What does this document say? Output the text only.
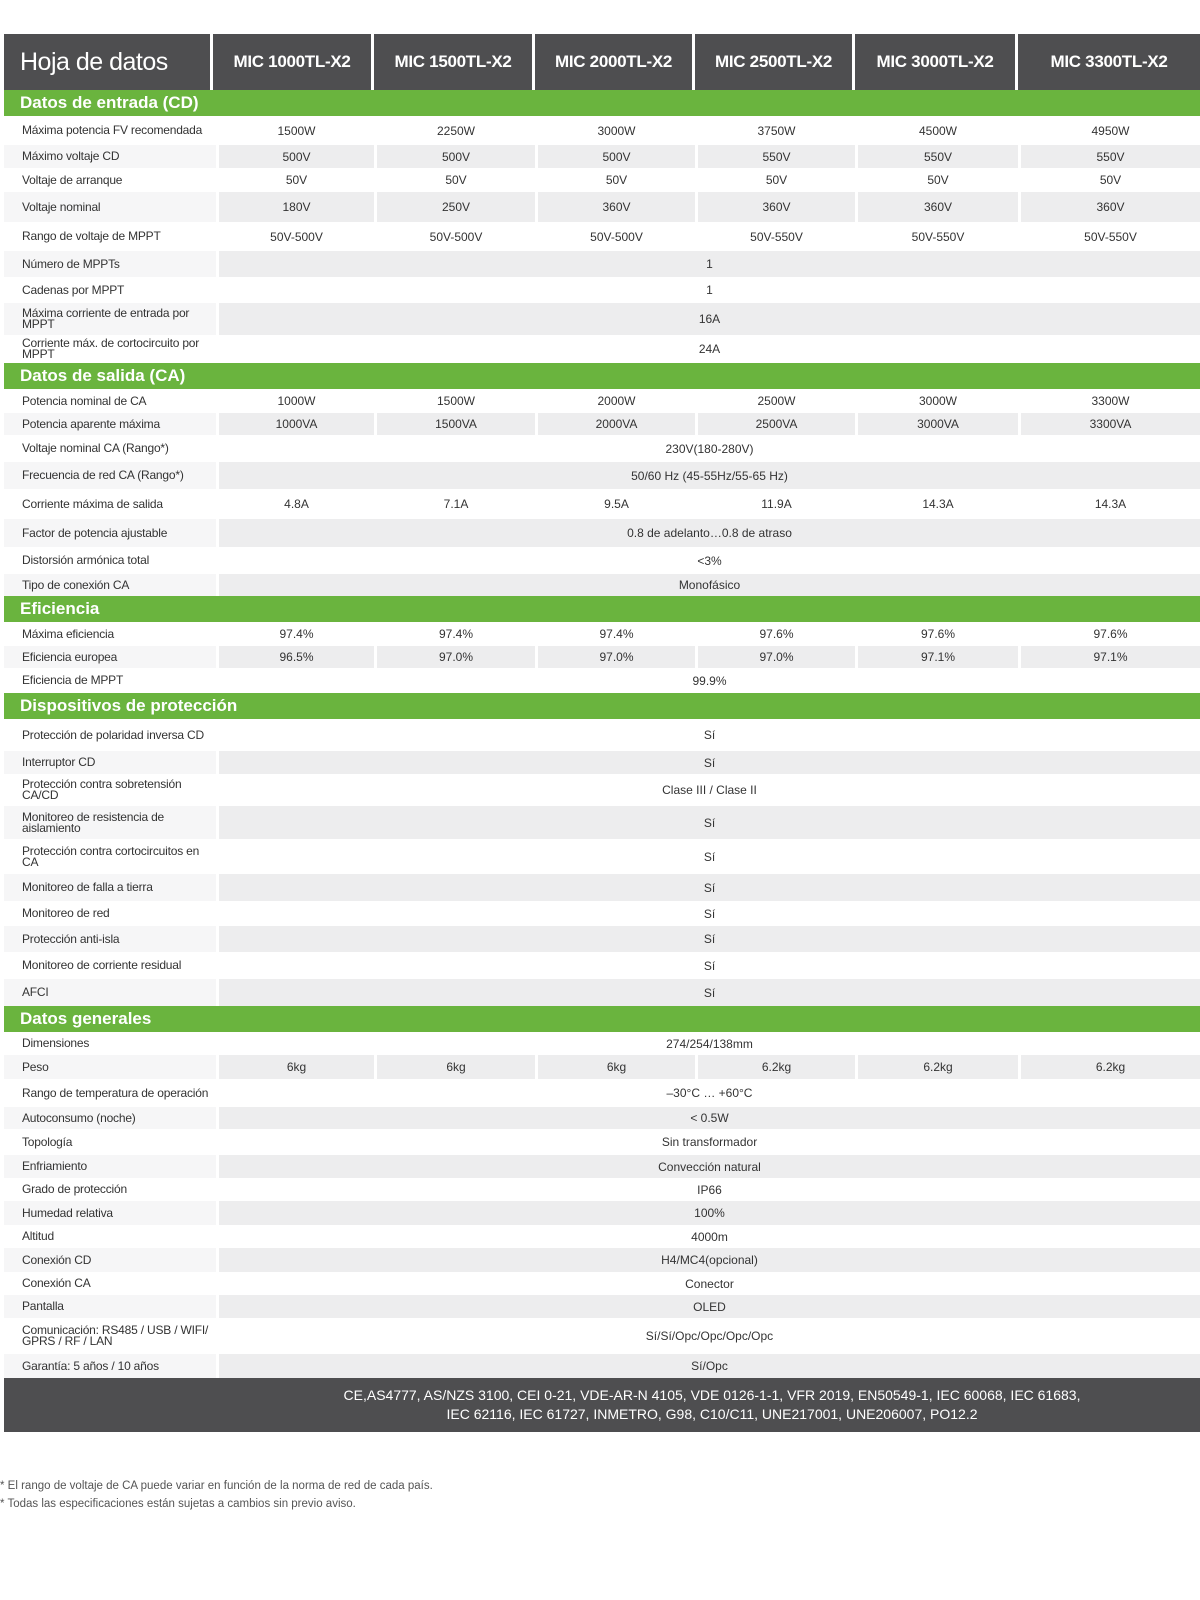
Hoja de datos	MIC 1000TL-X2	MIC 1500TL-X2	MIC 2000TL-X2	MIC 2500TL-X2	MIC 3000TL-X2	MIC 3300TL-X2
Datos de entrada (CD)
Máxima potencia FV recomendada	1500W	2250W	3000W	3750W	4500W	4950W
Máximo voltaje CD	500V	500V	500V	550V	550V	550V
Voltaje de arranque	50V	50V	50V	50V	50V	50V
Voltaje nominal	180V	250V	360V	360V	360V	360V
Rango de voltaje de MPPT	50V-500V	50V-500V	50V-500V	50V-550V	50V-550V	50V-550V
Número de MPPTs	1
Cadenas por MPPT	1
Máxima corriente de entrada por MPPT	16A
Corriente máx. de cortocircuito por MPPT	24A
Datos de salida (CA)
Potencia nominal de CA	1000W	1500W	2000W	2500W	3000W	3300W
Potencia aparente máxima	1000VA	1500VA	2000VA	2500VA	3000VA	3300VA
Voltaje nominal CA (Rango*)	230V(180-280V)
Frecuencia de red CA (Rango*)	50/60 Hz (45-55Hz/55-65 Hz)
Corriente máxima de salida	4.8A	7.1A	9.5A	11.9A	14.3A	14.3A
Factor de potencia ajustable	0.8 de adelanto…0.8 de atraso
Distorsión armónica total	<3%
Tipo de conexión CA	Monofásico
Eficiencia
Máxima eficiencia	97.4%	97.4%	97.4%	97.6%	97.6%	97.6%
Eficiencia europea	96.5%	97.0%	97.0%	97.0%	97.1%	97.1%
Eficiencia de MPPT	99.9%
Dispositivos de protección
Protección de polaridad inversa CD	Sí
Interruptor CD	Sí
Protección contra sobretensión CA/CD	Clase III / Clase II
Monitoreo de resistencia de aislamiento	Sí
Protección contra cortocircuitos en CA	Sí
Monitoreo de falla a tierra	Sí
Monitoreo de red	Sí
Protección anti-isla	Sí
Monitoreo de corriente residual	Sí
AFCI	Sí
Datos generales
Dimensiones	274/254/138mm
Peso	6kg	6kg	6kg	6.2kg	6.2kg	6.2kg
Rango de temperatura de operación	–30°C … +60°C
Autoconsumo (noche)	< 0.5W
Topología	Sin transformador
Enfriamiento	Convección natural
Grado de protección	IP66
Humedad relativa	100%
Altitud	4000m
Conexión CD	H4/MC4(opcional)
Conexión CA	Conector
Pantalla	OLED
Comunicación: RS485 / USB / WIFI/ GPRS / RF / LAN	Sí/Sí/Opc/Opc/Opc/Opc
Garantía: 5 años / 10 años	Sí/Opc
CE,AS4777, AS/NZS 3100, CEI 0-21, VDE-AR-N 4105, VDE 0126-1-1, VFR 2019, EN50549-1, IEC 60068, IEC 61683,
IEC 62116, IEC 61727, INMETRO, G98, C10/C11, UNE217001, UNE206007, PO12.2
* El rango de voltaje de CA puede variar en función de la norma de red de cada país.
* Todas las especificaciones están sujetas a cambios sin previo aviso.
